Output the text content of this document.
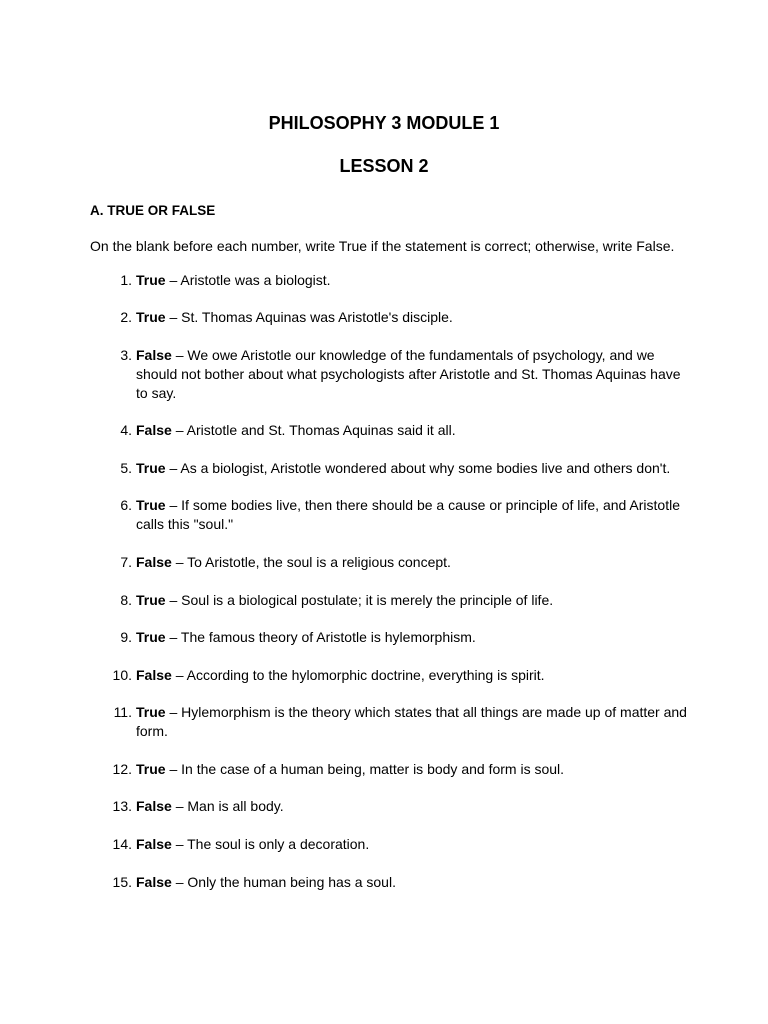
PHILOSOPHY 3 MODULE 1
LESSON 2
A. TRUE OR FALSE

On the blank before each number, write True if the statement is correct; otherwise, write False.

1. True – Aristotle was a biologist.
2. True – St. Thomas Aquinas was Aristotle's disciple.
3. False – We owe Aristotle our knowledge of the fundamentals of psychology, and we should not bother about what psychologists after Aristotle and St. Thomas Aquinas have to say.
4. False – Aristotle and St. Thomas Aquinas said it all.
5. True – As a biologist, Aristotle wondered about why some bodies live and others don't.
6. True – If some bodies live, then there should be a cause or principle of life, and Aristotle calls this "soul."
7. False – To Aristotle, the soul is a religious concept.
8. True – Soul is a biological postulate; it is merely the principle of life.
9. True – The famous theory of Aristotle is hylemorphism.
10. False – According to the hylomorphic doctrine, everything is spirit.
11. True – Hylemorphism is the theory which states that all things are made up of matter and form.
12. True – In the case of a human being, matter is body and form is soul.
13. False – Man is all body.
14. False – The soul is only a decoration.
15. False – Only the human being has a soul.
